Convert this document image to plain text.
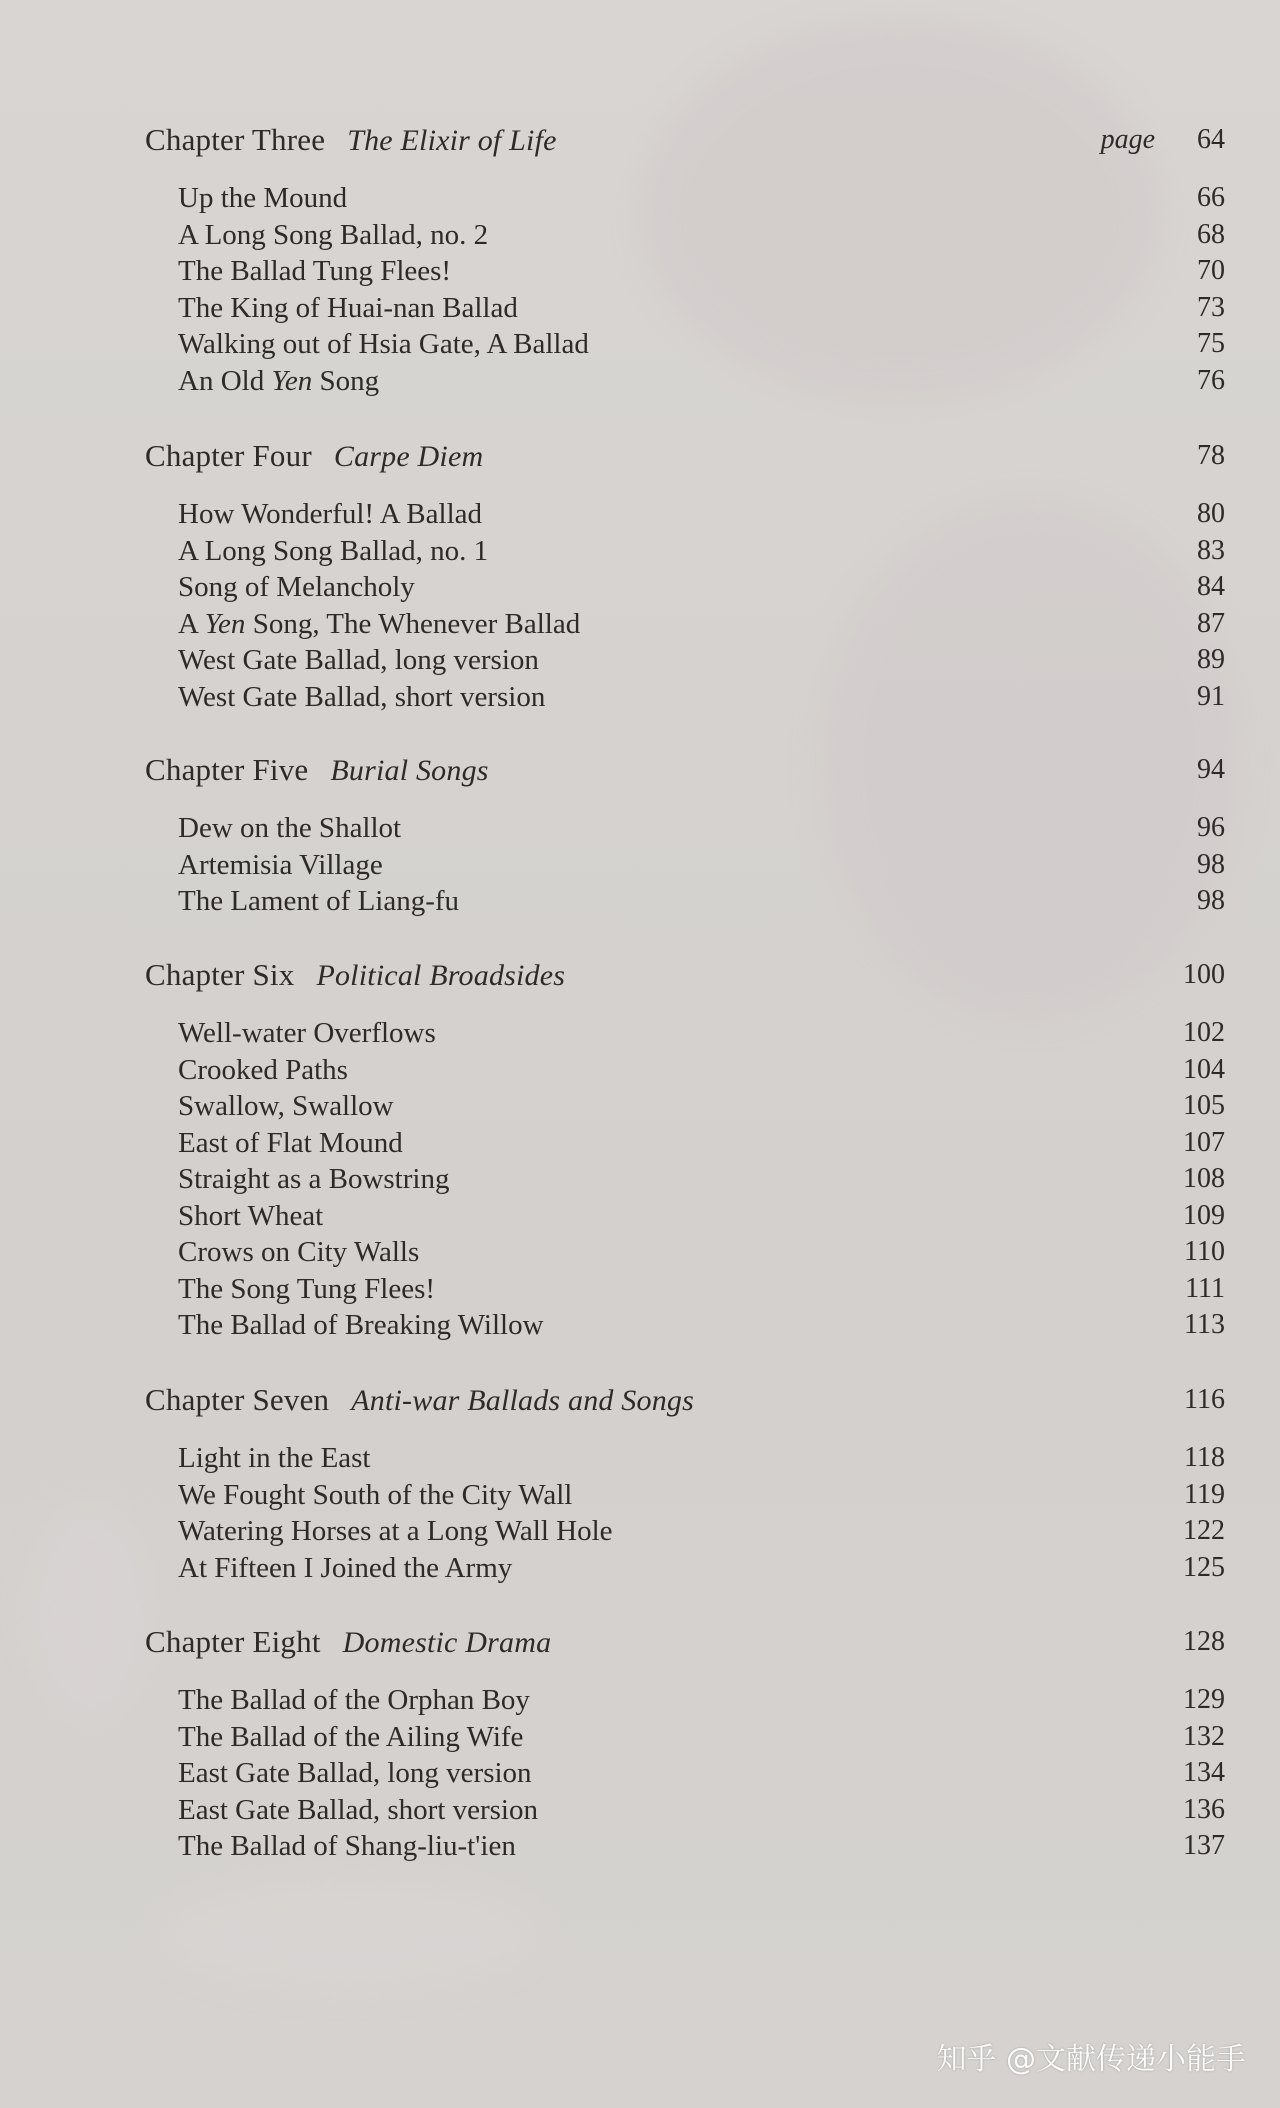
Chapter Three The Elixir of Life	page 64
Up the Mound	66
A Long Song Ballad, no. 2	68
The Ballad Tung Flees!	70
The King of Huai-nan Ballad	73
Walking out of Hsia Gate, A Ballad	75
An Old Yen Song	76
Chapter Four Carpe Diem	78
How Wonderful! A Ballad	80
A Long Song Ballad, no. 1	83
Song of Melancholy	84
A Yen Song, The Whenever Ballad	87
West Gate Ballad, long version	89
West Gate Ballad, short version	91
Chapter Five Burial Songs	94
Dew on the Shallot	96
Artemisia Village	98
The Lament of Liang-fu	98
Chapter Six Political Broadsides	100
Well-water Overflows	102
Crooked Paths	104
Swallow, Swallow	105
East of Flat Mound	107
Straight as a Bowstring	108
Short Wheat	109
Crows on City Walls	110
The Song Tung Flees!	111
The Ballad of Breaking Willow	113
Chapter Seven Anti-war Ballads and Songs	116
Light in the East	118
We Fought South of the City Wall	119
Watering Horses at a Long Wall Hole	122
At Fifteen I Joined the Army	125
Chapter Eight Domestic Drama	128
The Ballad of the Orphan Boy	129
The Ballad of the Ailing Wife	132
East Gate Ballad, long version	134
East Gate Ballad, short version	136
The Ballad of Shang-liu-t'ien	137
知乎 @文献传递小能手
